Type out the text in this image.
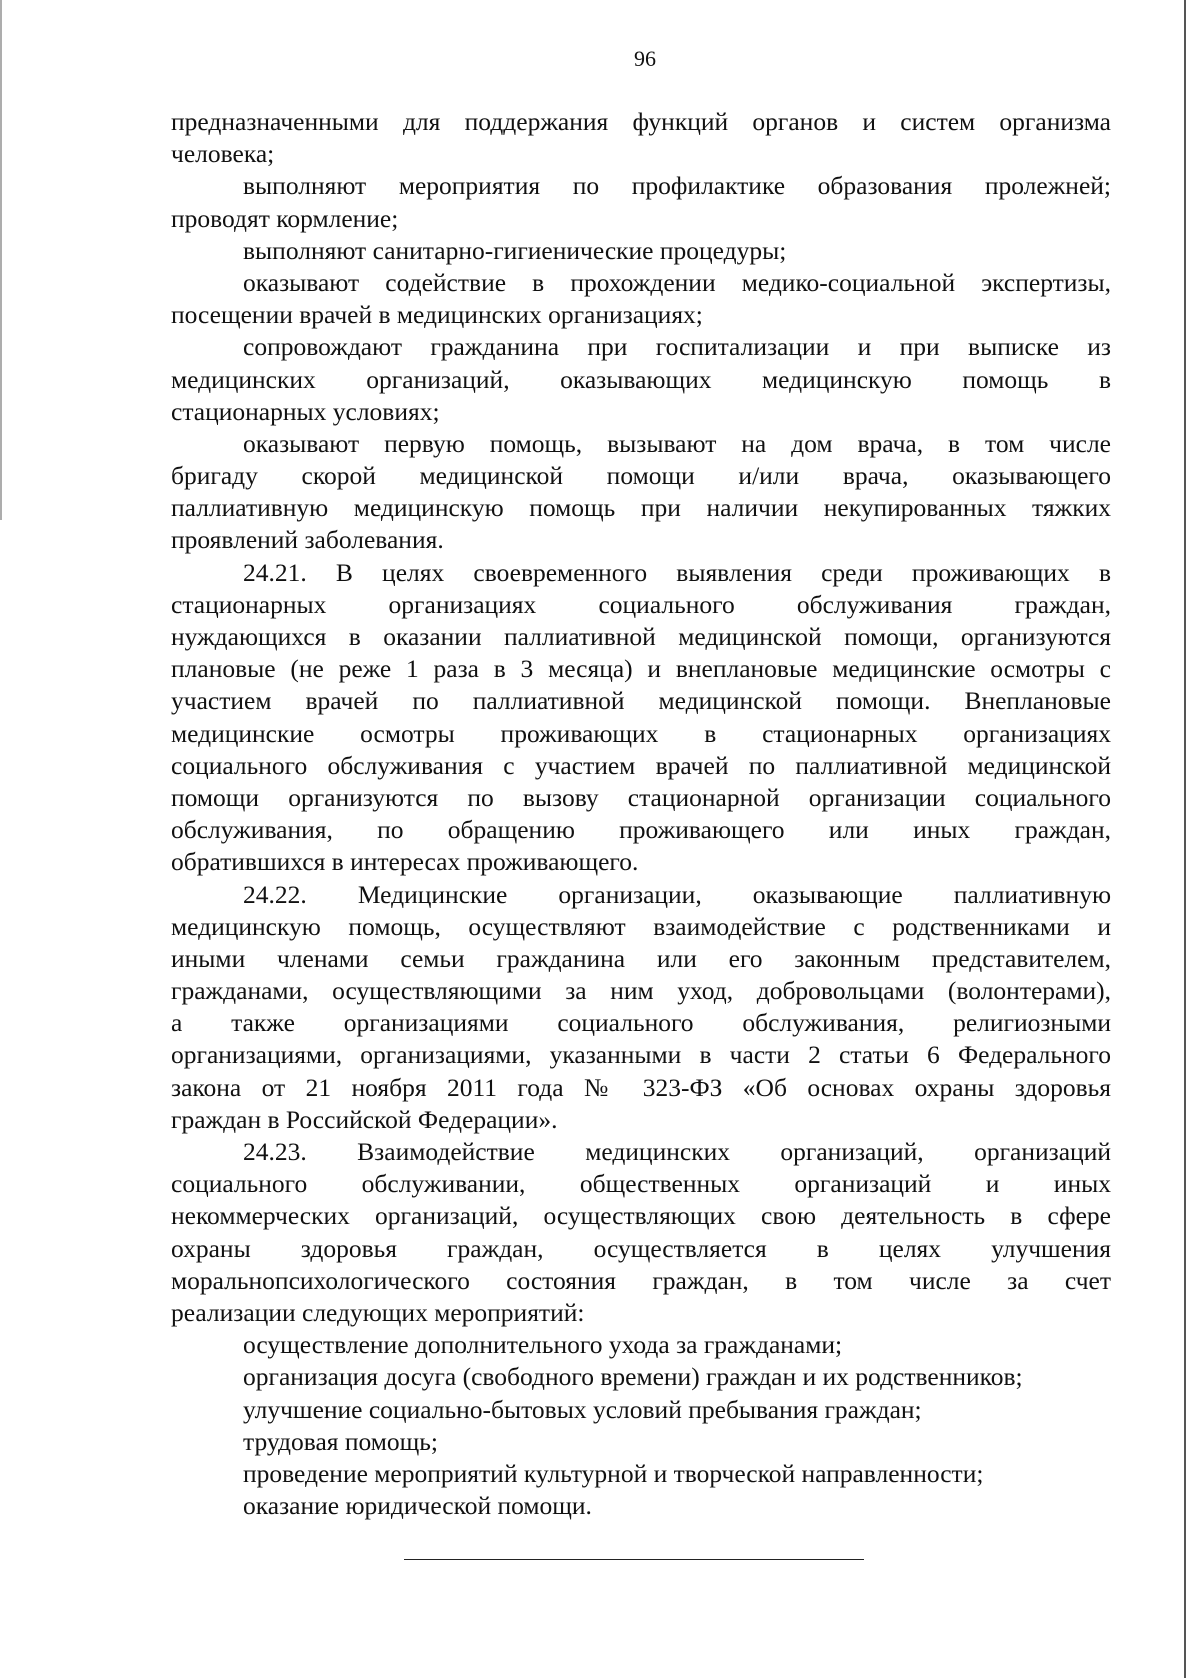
96
предназначенными для поддержания функций органов и систем организма
человека;
выполняют мероприятия по профилактике образования пролежней;
проводят кормление;
выполняют санитарно-гигиенические процедуры;
оказывают содействие в прохождении медико-социальной экспертизы,
посещении врачей в медицинских организациях;
сопровождают гражданина при госпитализации и при выписке из
медицинских организаций, оказывающих медицинскую помощь в
стационарных условиях;
оказывают первую помощь, вызывают на дом врача, в том числе
бригаду скорой медицинской помощи и/или врача, оказывающего
паллиативную медицинскую помощь при наличии некупированных тяжких
проявлений заболевания.
24.21. В целях своевременного выявления среди проживающих в
стационарных организациях социального обслуживания граждан,
нуждающихся в оказании паллиативной медицинской помощи, организуются
плановые (не реже 1 раза в 3 месяца) и внеплановые медицинские осмотры с
участием врачей по паллиативной медицинской помощи. Внеплановые
медицинские осмотры проживающих в стационарных организациях
социального обслуживания с участием врачей по паллиативной медицинской
помощи организуются по вызову стационарной организации социального
обслуживания, по обращению проживающего или иных граждан,
обратившихся в интересах проживающего.
24.22. Медицинские организации, оказывающие паллиативную
медицинскую помощь, осуществляют взаимодействие с родственниками и
иными членами семьи гражданина или его законным представителем,
гражданами, осуществляющими за ним уход, добровольцами (волонтерами),
а также организациями социального обслуживания, религиозными
организациями, организациями, указанными в части 2 статьи 6 Федерального
закона от 21 ноября 2011 года № 323-ФЗ «Об основах охраны здоровья
граждан в Российской Федерации».
24.23. Взаимодействие медицинских организаций, организаций
социального обслуживании, общественных организаций и иных
некоммерческих организаций, осуществляющих свою деятельность в сфере
охраны здоровья граждан, осуществляется в целях улучшения
моральнопсихологического состояния граждан, в том числе за счет
реализации следующих мероприятий:
осуществление дополнительного ухода за гражданами;
организация досуга (свободного времени) граждан и их родственников;
улучшение социально-бытовых условий пребывания граждан;
трудовая помощь;
проведение мероприятий культурной и творческой направленности;
оказание юридической помощи.
